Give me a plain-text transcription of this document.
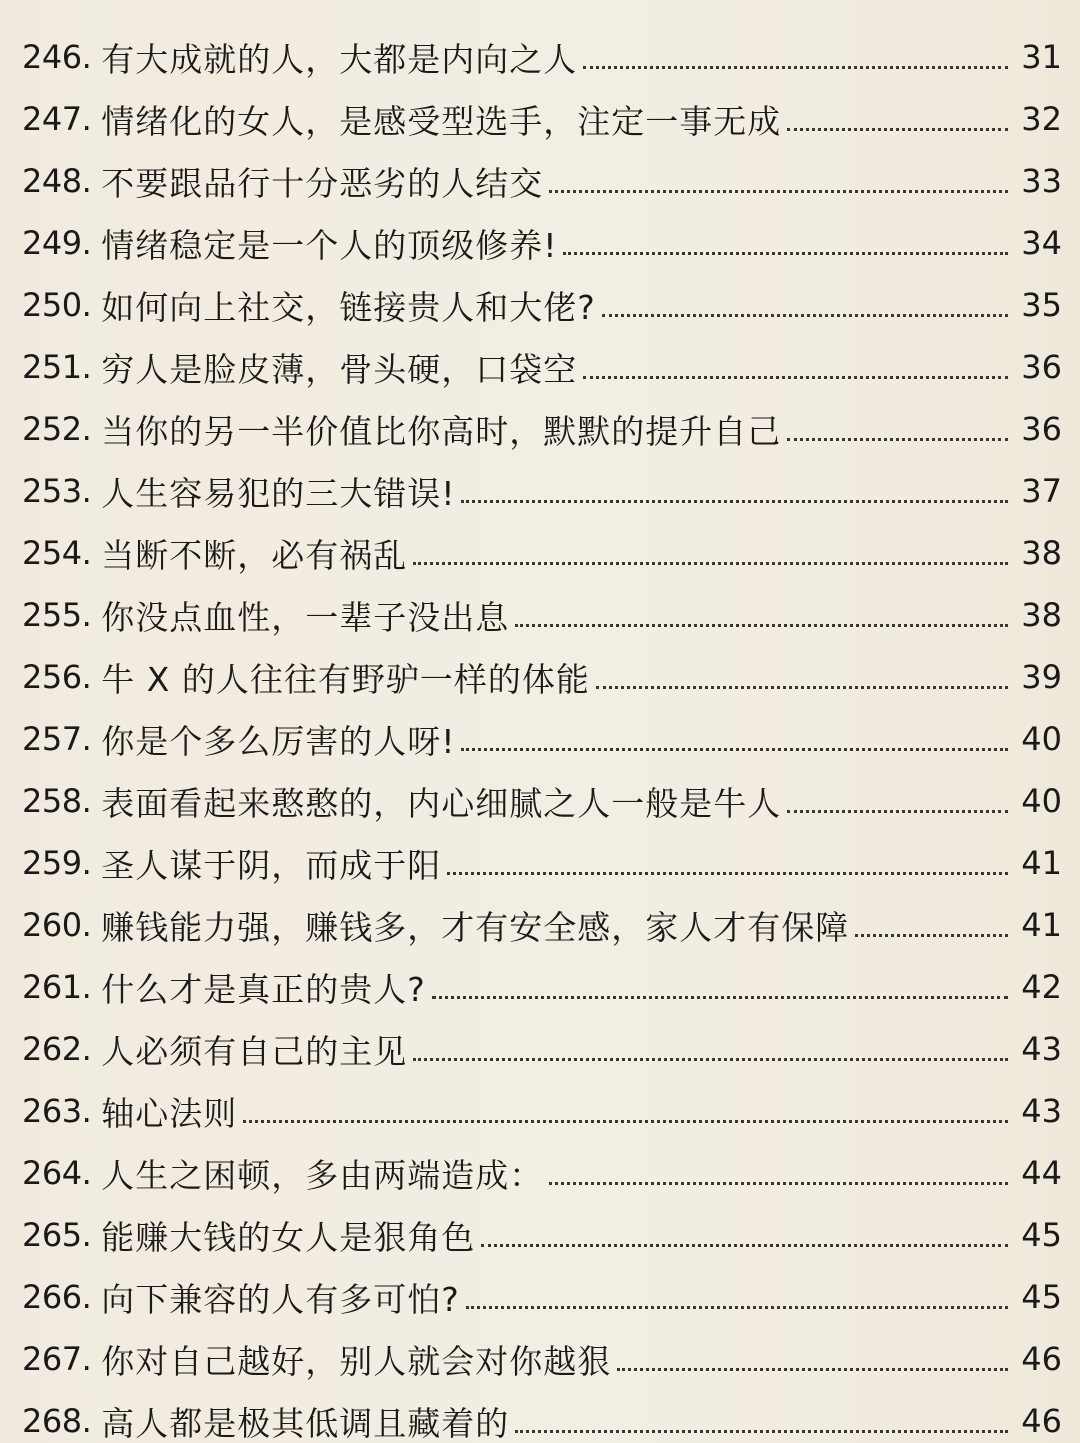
246. 有大成就的人，大都是内向之人	31
247. 情绪化的女人，是感受型选手，注定一事无成	32
248. 不要跟品行十分恶劣的人结交	33
249. 情绪稳定是一个人的顶级修养!	34
250. 如何向上社交，链接贵人和大佬?	35
251. 穷人是脸皮薄，骨头硬，口袋空	36
252. 当你的另一半价值比你高时，默默的提升自己	36
253. 人生容易犯的三大错误!	37
254. 当断不断，必有祸乱	38
255. 你没点血性，一辈子没出息	38
256. 牛 X 的人往往有野驴一样的体能	39
257. 你是个多么厉害的人呀!	40
258. 表面看起来憨憨的，内心细腻之人一般是牛人	40
259. 圣人谋于阴，而成于阳	41
260. 赚钱能力强，赚钱多，才有安全感，家人才有保障	41
261. 什么才是真正的贵人?	42
262. 人必须有自己的主见	43
263. 轴心法则	43
264. 人生之困顿，多由两端造成：	44
265. 能赚大钱的女人是狠角色	45
266. 向下兼容的人有多可怕?	45
267. 你对自己越好，别人就会对你越狠	46
268. 高人都是极其低调且藏着的	46
